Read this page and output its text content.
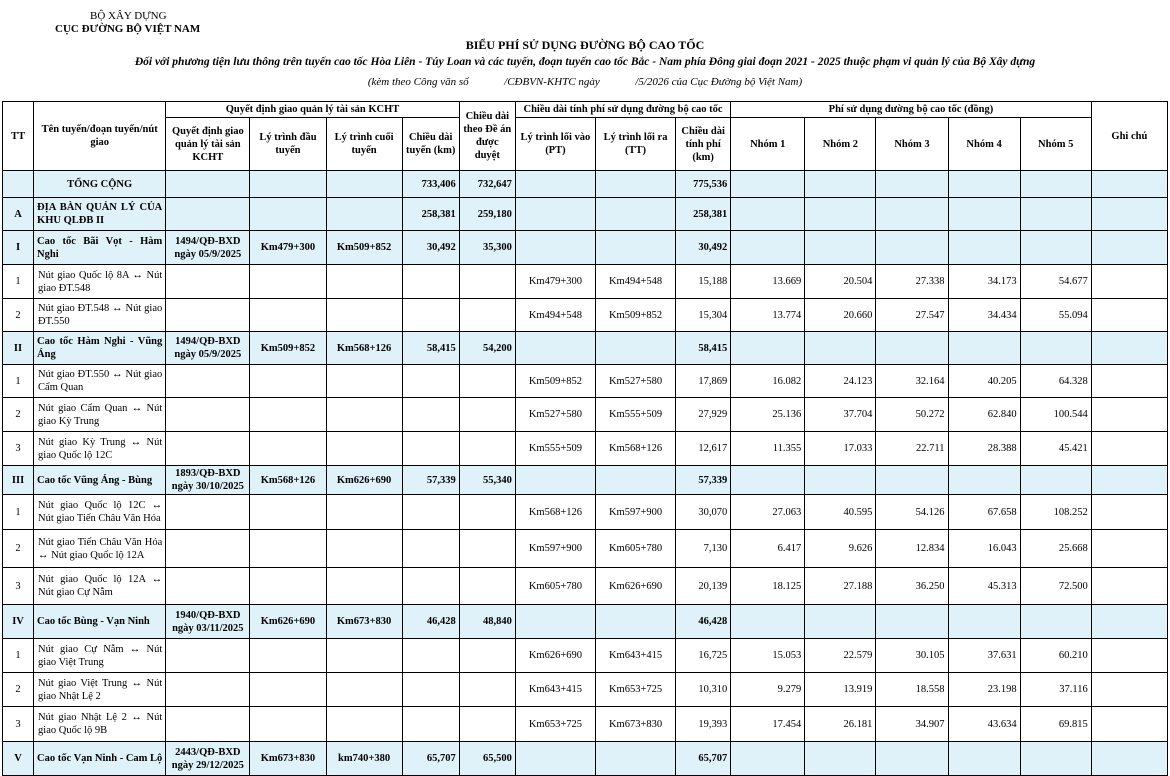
BỘ XÂY DỰNG
CỤC ĐƯỜNG BỘ VIỆT NAM
BIỂU PHÍ SỬ DỤNG ĐƯỜNG BỘ CAO TỐC
Đối với phương tiện lưu thông trên tuyến cao tốc Hòa Liên - Túy Loan và các tuyến, đoạn tuyến cao tốc Bắc - Nam phía Đông giai đoạn 2021 - 2025 thuộc phạm vi quản lý của Bộ Xây dựng
(kèm theo Công văn số	/CĐBVN-KHTC ngày	/5/2026 của Cục Đường bộ Việt Nam)
TT	Tên tuyến/đoạn tuyến/nút giao	Quyết định giao quản lý tài sản KCHT				Chiều dài theo Đề án được duyệt	Chiều dài tính phí sử dụng đường bộ cao tốc			Phí sử dụng đường bộ cao tốc (đồng)					Ghi chú
		Quyết định giao quản lý tài sản KCHT	Lý trình đầu tuyến	Lý trình cuối tuyến	Chiều dài tuyến (km)		Lý trình lối vào (PT)	Lý trình lối ra (TT)	Chiều dài tính phí (km)	Nhóm 1	Nhóm 2	Nhóm 3	Nhóm 4	Nhóm 5	
	TỔNG CỘNG				733,406	732,647			775,536						
A	ĐỊA BÀN QUẢN LÝ CỦA KHU QLĐB II				258,381	259,180			258,381						
I	Cao tốc Bãi Vọt - Hàm Nghi	1494/QĐ-BXD ngày 05/9/2025	Km479+300	Km509+852	30,492	35,300			30,492						
1	Nút giao Quốc lộ 8A ↔ Nút giao ĐT.548						Km479+300	Km494+548	15,188	13.669	20.504	27.338	34.173	54.677	
2	Nút giao ĐT.548 ↔ Nút giao ĐT.550						Km494+548	Km509+852	15,304	13.774	20.660	27.547	34.434	55.094	
II	Cao tốc Hàm Nghi - Vũng Áng	1494/QĐ-BXD ngày 05/9/2025	Km509+852	Km568+126	58,415	54,200			58,415						
1	Nút giao ĐT.550 ↔ Nút giao Cẩm Quan						Km509+852	Km527+580	17,869	16.082	24.123	32.164	40.205	64.328	
2	Nút giao Cẩm Quan ↔ Nút giao Kỳ Trung						Km527+580	Km555+509	27,929	25.136	37.704	50.272	62.840	100.544	
3	Nút giao Kỳ Trung ↔ Nút giao Quốc lộ 12C						Km555+509	Km568+126	12,617	11.355	17.033	22.711	28.388	45.421	
III	Cao tốc Vũng Áng - Bùng	1893/QĐ-BXD ngày 30/10/2025	Km568+126	Km626+690	57,339	55,340			57,339						
1	Nút giao Quốc lộ 12C ↔ Nút giao Tiến Châu Văn Hóa						Km568+126	Km597+900	30,070	27.063	40.595	54.126	67.658	108.252	
2	Nút giao Tiến Châu Văn Hóa ↔ Nút giao Quốc lộ 12A						Km597+900	Km605+780	7,130	6.417	9.626	12.834	16.043	25.668	
3	Nút giao Quốc lộ 12A ↔ Nút giao Cự Nẫm						Km605+780	Km626+690	20,139	18.125	27.188	36.250	45.313	72.500	
IV	Cao tốc Bùng - Vạn Ninh	1940/QĐ-BXD ngày 03/11/2025	Km626+690	Km673+830	46,428	48,840			46,428						
1	Nút giao Cự Nẫm ↔ Nút giao Việt Trung						Km626+690	Km643+415	16,725	15.053	22.579	30.105	37.631	60.210	
2	Nút giao Việt Trung ↔ Nút giao Nhật Lệ 2						Km643+415	Km653+725	10,310	9.279	13.919	18.558	23.198	37.116	
3	Nút giao Nhật Lệ 2 ↔ Nút giao Quốc lộ 9B						Km653+725	Km673+830	19,393	17.454	26.181	34.907	43.634	69.815	
V	Cao tốc Vạn Ninh - Cam Lộ	2443/QĐ-BXD ngày 29/12/2025	Km673+830	km740+380	65,707	65,500			65,707						
